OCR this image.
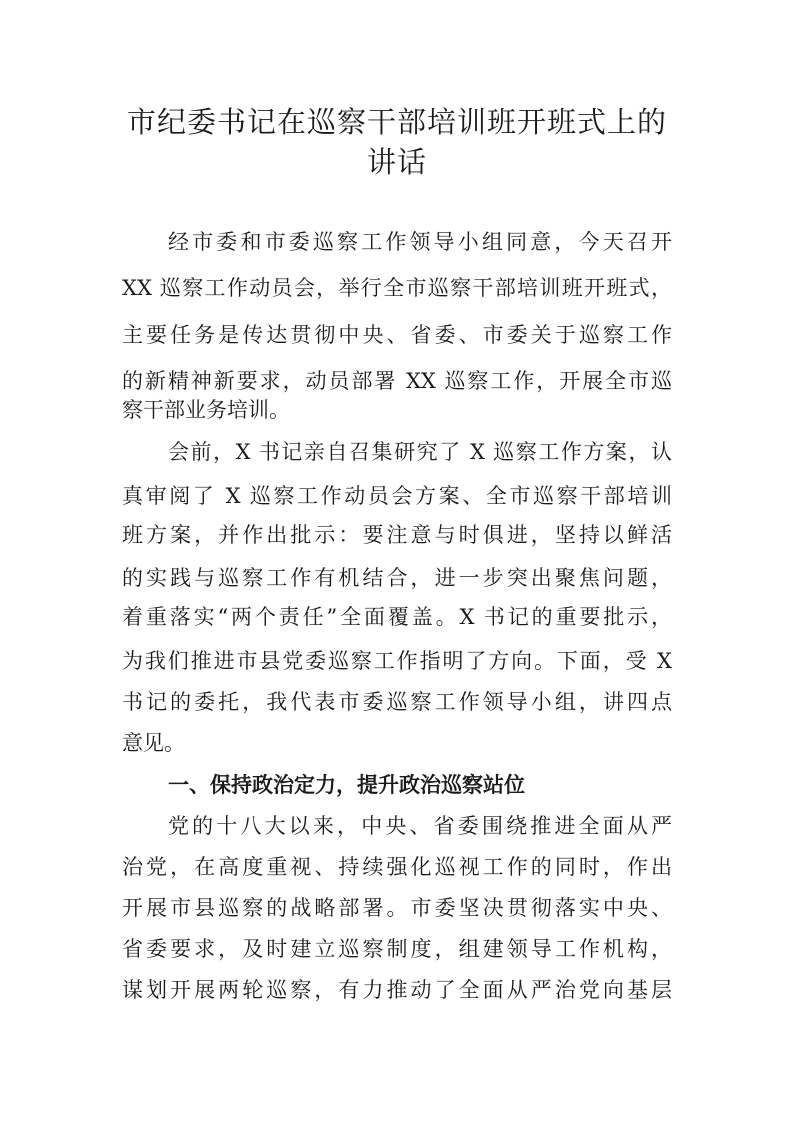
市纪委书记在巡察干部培训班开班式上的
讲话
经市委和市委巡察工作领导小组同意，今天召开
XX 巡察工作动员会，举行全市巡察干部培训班开班式，
主要任务是传达贯彻中央、省委、市委关于巡察工作
的新精神新要求，动员部署 XX 巡察工作，开展全市巡
察干部业务培训。
会前，X 书记亲自召集研究了 X 巡察工作方案，认
真审阅了 X 巡察工作动员会方案、全市巡察干部培训
班方案，并作出批示：要注意与时俱进，坚持以鲜活
的实践与巡察工作有机结合，进一步突出聚焦问题，
着重落实“两个责任”全面覆盖。X 书记的重要批示，
为我们推进市县党委巡察工作指明了方向。下面，受 X
书记的委托，我代表市委巡察工作领导小组，讲四点
意见。
一、保持政治定力，提升政治巡察站位
党的十八大以来，中央、省委围绕推进全面从严
治党，在高度重视、持续强化巡视工作的同时，作出
开展市县巡察的战略部署。市委坚决贯彻落实中央、
省委要求，及时建立巡察制度，组建领导工作机构，
谋划开展两轮巡察，有力推动了全面从严治党向基层
